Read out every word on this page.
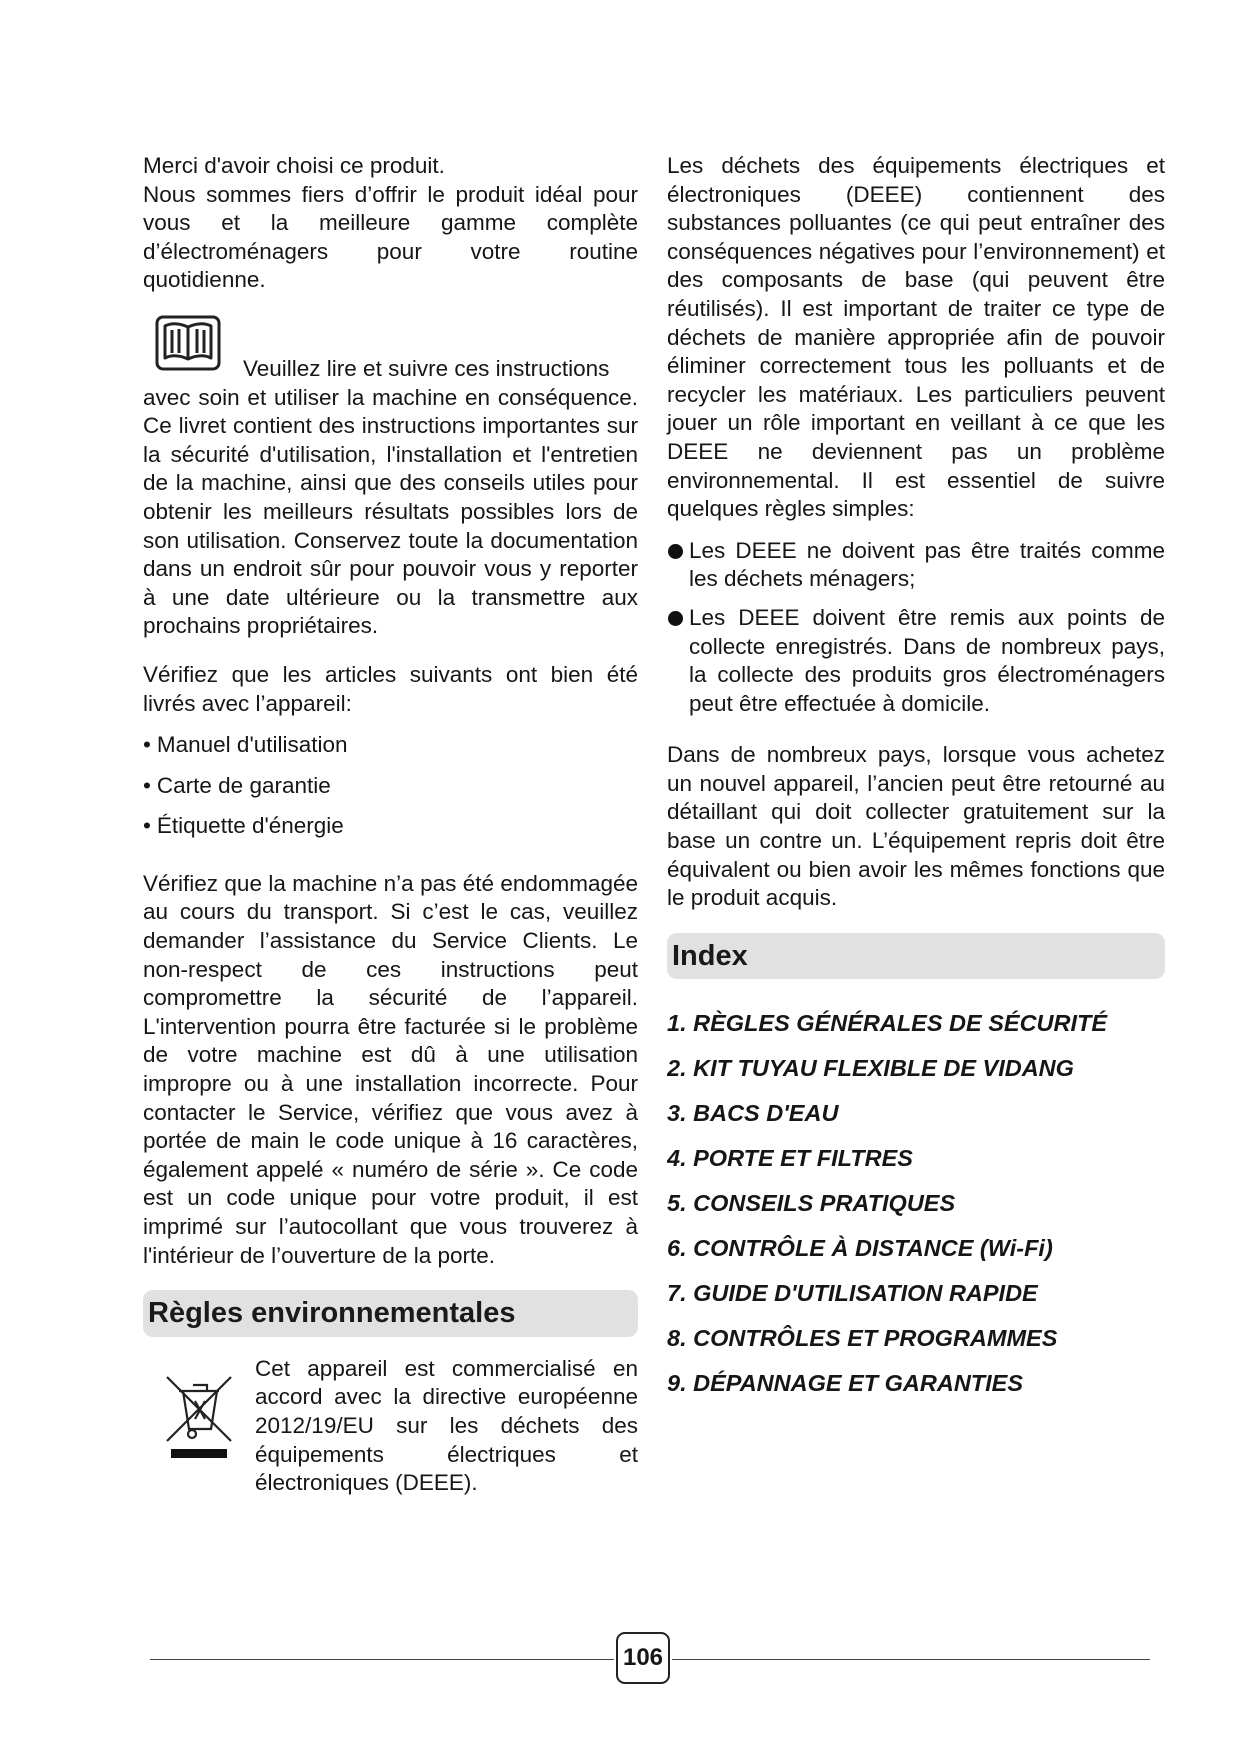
Merci d'avoir choisi ce produit.

Nous sommes fiers d’offrir le produit idéal pour vous et la meilleure gamme complète d’électroménagers pour votre routine quotidienne.

Veuillez lire et suivre ces instructions

avec soin et utiliser la machine en conséquence. Ce livret contient des instructions importantes sur la sécurité d'utilisation, l'installation et l'entretien de la machine, ainsi que des conseils utiles pour obtenir les meilleurs résultats possibles lors de son utilisation. Conservez toute la documentation dans un endroit sûr pour pouvoir vous y reporter à une date ultérieure ou la transmettre aux prochains propriétaires.

Vérifiez que les articles suivants ont bien été livrés avec l’appareil:

• Manuel d'utilisation
• Carte de garantie
• Étiquette d'énergie

Vérifiez que la machine n’a pas été endommagée au cours du transport. Si c’est le cas, veuillez demander l’assistance du Service Clients. Le non-respect de ces instructions peut compromettre la sécurité de l’appareil. L'intervention pourra être facturée si le problème de votre machine est dû à une utilisation impropre ou à une installation incorrecte. Pour contacter le Service, vérifiez que vous avez à portée de main le code unique à 16 caractères, également appelé « numéro de série ». Ce code est un code unique pour votre produit, il est imprimé sur l’autocollant que vous trouverez à l'intérieur de l’ouverture de la porte.

Règles environnementales

Cet appareil est commercialisé en accord avec la directive européenne 2012/19/EU sur les déchets des équipements électriques et électroniques (DEEE).

Les déchets des équipements électriques et électroniques (DEEE) contiennent des substances polluantes (ce qui peut entraîner des conséquences négatives pour l’environnement) et des composants de base (qui peuvent être réutilisés). Il est important de traiter ce type de déchets de manière appropriée afin de pouvoir éliminer correctement tous les polluants et de recycler les matériaux. Les particuliers peuvent jouer un rôle important en veillant à ce que les DEEE ne deviennent pas un problème environnemental. Il est essentiel de suivre quelques règles simples:

Les DEEE ne doivent pas être traités comme les déchets ménagers;
Les DEEE doivent être remis aux points de collecte enregistrés. Dans de nombreux pays, la collecte des produits gros électroménagers peut être effectuée à domicile.

Dans de nombreux pays, lorsque vous achetez un nouvel appareil, l’ancien peut être retourné au détaillant qui doit collecter gratuitement sur la base un contre un. L’équipement repris doit être équivalent ou bien avoir les mêmes fonctions que le produit acquis.

Index
1. RÈGLES GÉNÉRALES DE SÉCURITÉ
2. KIT TUYAU FLEXIBLE DE VIDANG
3. BACS D'EAU
4. PORTE ET FILTRES
5. CONSEILS PRATIQUES
6. CONTRÔLE À DISTANCE (Wi-Fi)
7. GUIDE D'UTILISATION RAPIDE
8. CONTRÔLES ET PROGRAMMES
9. DÉPANNAGE ET GARANTIES
106
